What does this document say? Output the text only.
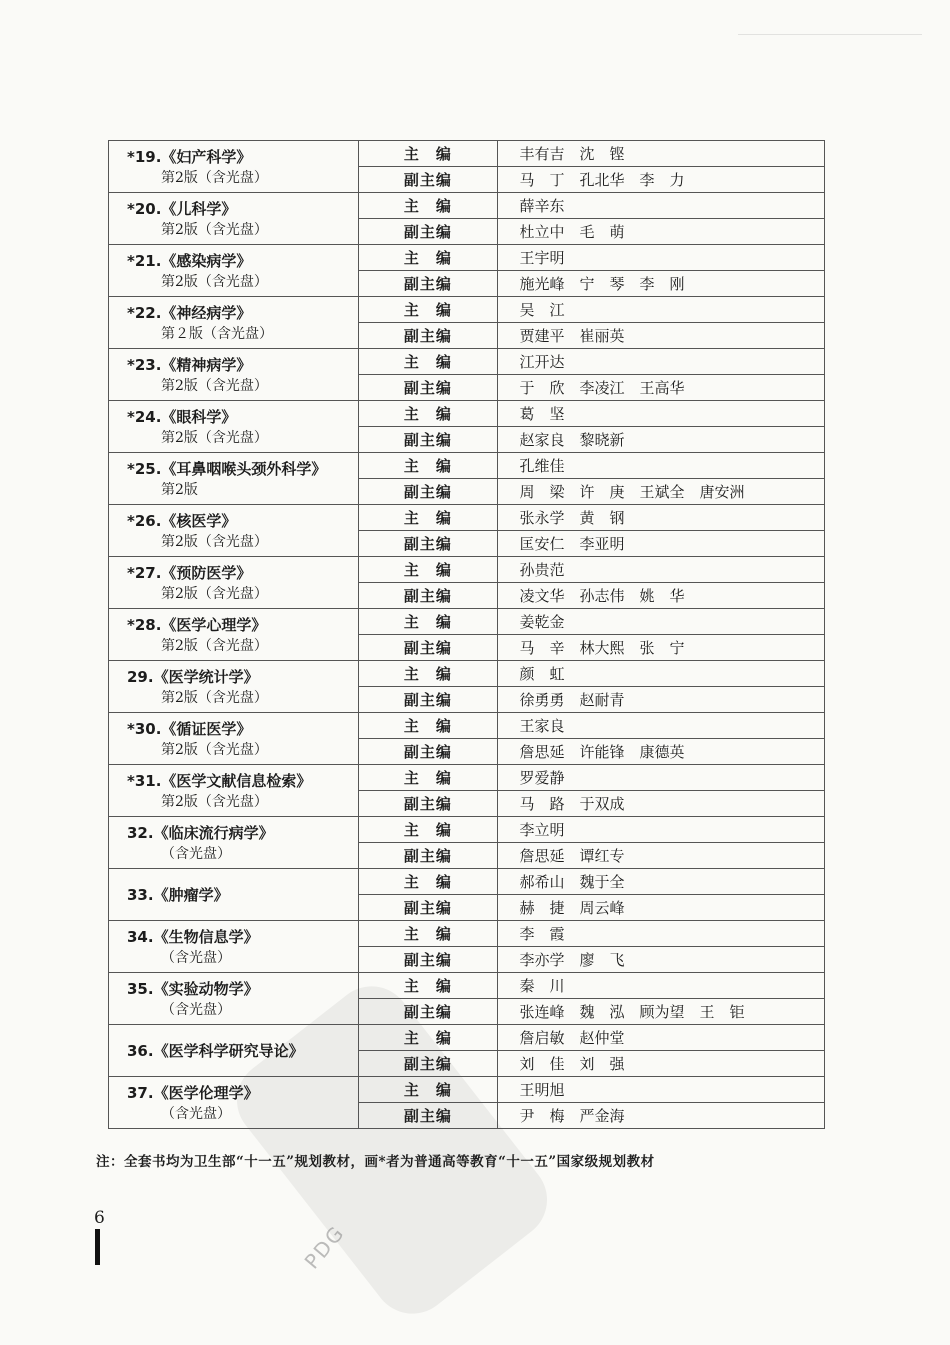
PDG
*19.《妇产科学》
第2版（含光盘）	主　编	丰有吉　沈　铿
	副主编	马　丁　孔北华　李　力

*20.《儿科学》
第2版（含光盘）	主　编	薛辛东
	副主编	杜立中　毛　萌

*21.《感染病学》
第2版（含光盘）	主　编	王宇明
	副主编	施光峰　宁　琴　李　刚

*22.《神经病学》
第２版（含光盘）	主　编	吴　江
	副主编	贾建平　崔丽英

*23.《精神病学》
第2版（含光盘）	主　编	江开达
	副主编	于　欣　李凌江　王高华

*24.《眼科学》
第2版（含光盘）	主　编	葛　坚
	副主编	赵家良　黎晓新

*25.《耳鼻咽喉头颈外科学》
第2版	主　编	孔维佳
	副主编	周　梁　许　庚　王斌全　唐安洲

*26.《核医学》
第2版（含光盘）	主　编	张永学　黄　钢
	副主编	匡安仁　李亚明

*27.《预防医学》
第2版（含光盘）	主　编	孙贵范
	副主编	凌文华　孙志伟　姚　华

*28.《医学心理学》
第2版（含光盘）	主　编	姜乾金
	副主编	马　辛　林大熙　张　宁

29.《医学统计学》
第2版（含光盘）	主　编	颜　虹
	副主编	徐勇勇　赵耐青

*30.《循证医学》
第2版（含光盘）	主　编	王家良
	副主编	詹思延　许能锋　康德英

*31.《医学文献信息检索》
第2版（含光盘）	主　编	罗爱静
	副主编	马　路　于双成

32.《临床流行病学》
（含光盘）	主　编	李立明
	副主编	詹思延　谭红专

33.《肿瘤学》	主　编	郝希山　魏于全
	副主编	赫　捷　周云峰

34.《生物信息学》
（含光盘）	主　编	李　霞
	副主编	李亦学　廖　飞

35.《实验动物学》
（含光盘）	主　编	秦　川
	副主编	张连峰　魏　泓　顾为望　王　钜

36.《医学科学研究导论》	主　编	詹启敏　赵仲堂
	副主编	刘　佳　刘　强

37.《医学伦理学》
（含光盘）	主　编	王明旭
	副主编	尹　梅　严金海
注：全套书均为卫生部“十一五”规划教材，画*者为普通高等教育“十一五”国家级规划教材
6
